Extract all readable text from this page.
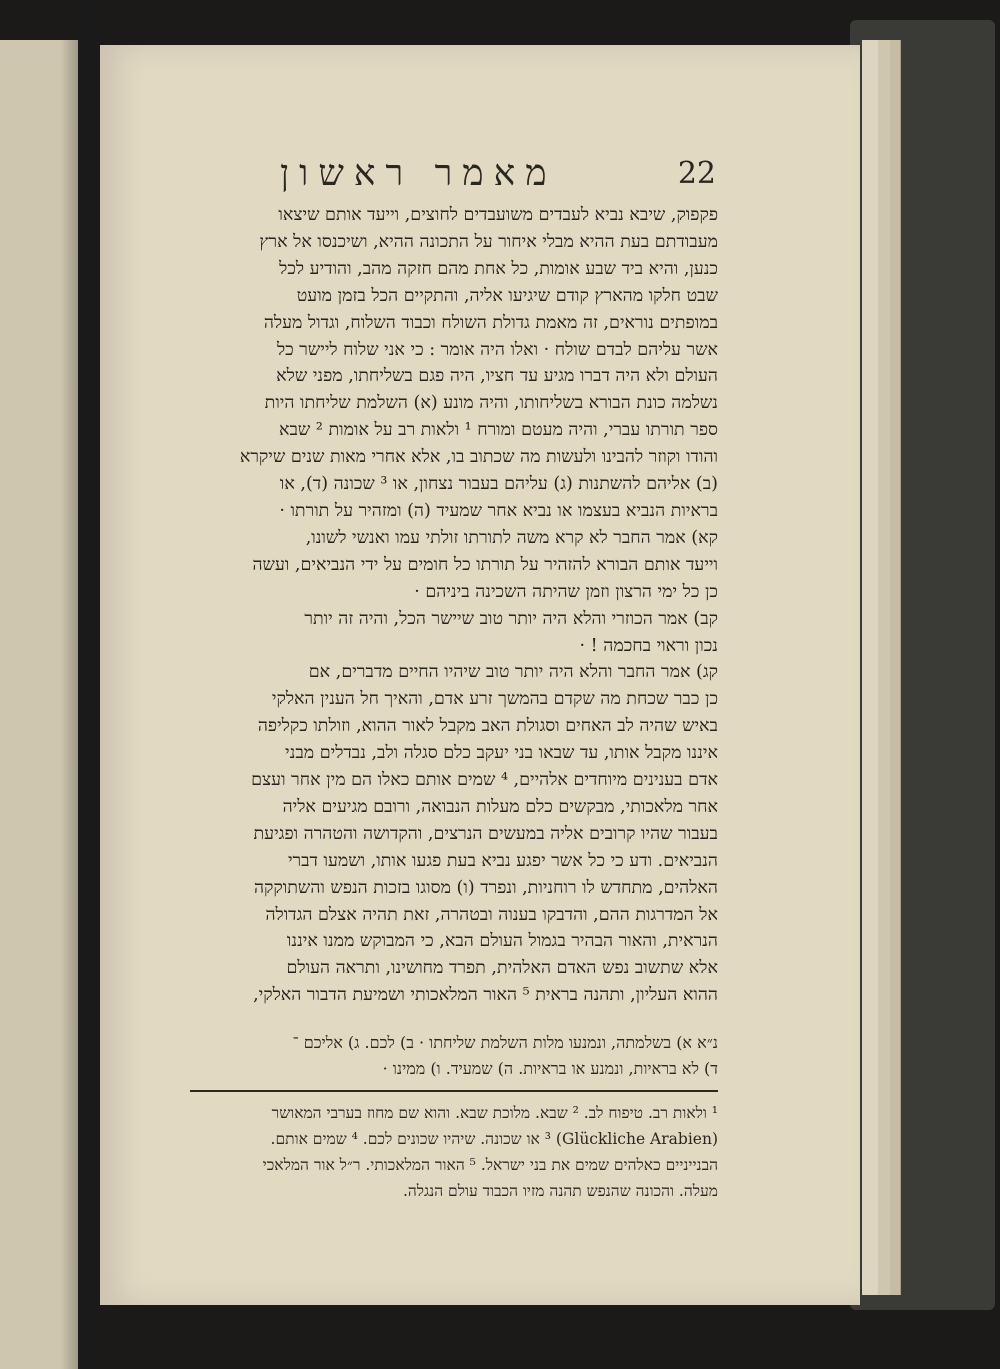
מאמר ראשון	22

פקפוק, שיבא נביא לעבדים משועבדים לחוצים, וייעד אותם שיצאו

מעבודתם בעת ההיא מבלי איחור על התכונה ההיא, ושיכנסו אל ארץ

כנען, והיא ביד שבע אומות, כל אחת מהם חזקה מהב, והודיע לכל

שבט חלקו מהארץ קודם שיגיעו אליה, והתקיים הכל בזמן מועט

במופתים נוראים, זה מאמת גדולת השולח וכבוד השלוח, וגדול מעלה

אשר עליהם לבדם שולח · ואלו היה אומר : כי אני שלוח ליישר כל

העולם ולא היה דברו מגיע עד חציו, היה פגם בשליחתו, מפני שלא

נשלמה כונת הבורא בשליחותו, והיה מונע (א) השלמת שליחתו היות

ספר תורתו עברי, והיה מעטם ומורח ¹ ולאות רב על אומות ² שבא

והודו וקוזר להבינו ולעשות מה שכתוב בו, אלא אחרי מאות שנים שיקרא

(ב) אליהם להשתנות (ג) עליהם בעבור נצחון, או ³ שכונה (ד), או

בראיות הנביא בעצמו או נביא אחר שמעיד (ה) ומזהיר על תורתו ·

קא) אמר החבר לא קרא משה לתורתו זולתי עמו ואנשי לשונו,

וייעד אותם הבורא להזהיר על תורתו כל חומים על ידי הנביאים, ועשה

כן כל ימי הרצון וזמן שהיתה השכינה ביניהם ·

קב) אמר הכוזרי והלא היה יותר טוב שיישר הכל, והיה זה יותר

נכון וראוי בחכמה ! ·

קג) אמר החבר והלא היה יותר טוב שיהיו החיים מדברים, אם

כן כבר שכחת מה שקדם בהמשך זרע אדם, והאיך חל הענין האלקי

באיש שהיה לב האחים וסגולת האב מקבל לאור ההוא, וזולתו כקליפה

איננו מקבל אותו, עד שבאו בני יעקב כלם סגלה ולב, נבדלים מבני

אדם בענינים מיוחדים אלהיים, ⁴ שמים אותם כאלו הם מין אחר ועצם

אחר מלאכותי, מבקשים כלם מעלות הנבואה, ורובם מגיעים אליה

בעבור שהיו קרובים אליה במעשים הנרצים, והקדושה והטהרה ופגיעת

הנביאים. ודע כי כל אשר יפגע נביא בעת פגעו אותו, ושמעו דברי

האלהים, מתחדש לו רוחניות, ונפרד (ו) מסוגו בזכות הנפש והשתוקקה

אל המדרגות ההם, והדבקו בענוה ובטהרה, זאת תהיה אצלם הגדולה

הנראית, והאור הבהיר בגמול העולם הבא, כי המבוקש ממנו איננו

אלא שתשוב נפש האדם האלהית, תפרד מחושינו, ותראה העולם

ההוא העליון, ותהנה בראית ⁵ האור המלאכותי ושמיעת הדבור האלקי,

נ״א א) בשלמתה, ונמנעו מלות השלמת שליחתו · ב) לכם. ג) אליכם ־

ד) לא בראיות, ונמנע או בראיות. ה) שמעיד. ו) ממינו ·

¹ ולאות רב. טיפוח לב. ² שבא. מלוכת שבא. והוא שם מחוז בערבי המאושר

(Glückliche Arabien) ³ או שכונה. שיהיו שכונים לכם. ⁴ שמים אותם.

הבנייניים כאלהים שמים את בני ישראל. ⁵ האור המלאכותי. ר״ל אור המלאכי

מעלה. והכונה שהנפש תהנה מזיו הכבוד עולם הנגלה.
